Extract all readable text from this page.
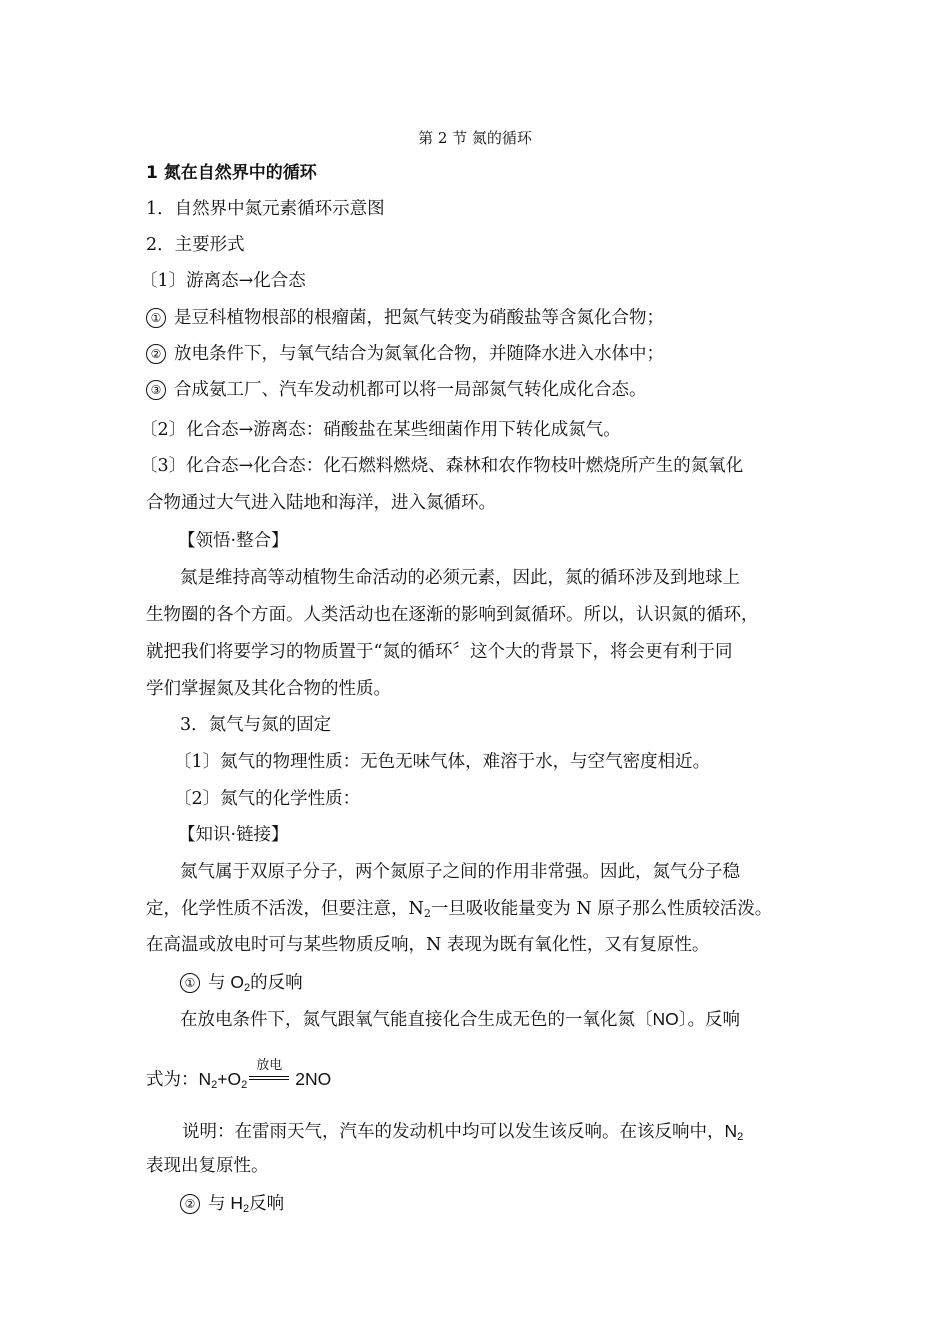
第 2 节 氮的循环
1 氮在自然界中的循环
1．自然界中氮元素循环示意图
2．主要形式
〔1〕游离态→化合态
① 是豆科植物根部的根瘤菌，把氮气转变为硝酸盐等含氮化合物；
② 放电条件下，与氧气结合为氮氧化合物，并随降水进入水体中；
③ 合成氨工厂、汽车发动机都可以将一局部氮气转化成化合态。
〔2〕化合态→游离态：硝酸盐在某些细菌作用下转化成氮气。
〔3〕化合态→化合态：化石燃料燃烧、森林和农作物枝叶燃烧所产生的氮氧化
合物通过大气进入陆地和海洋，进入氮循环。
【领悟·整合】
氮是维持高等动植物生命活动的必须元素，因此，氮的循环涉及到地球上
生物圈的各个方面。人类活动也在逐渐的影响到氮循环。所以，认识氮的循环，
就把我们将要学习的物质置于“氮的循环〞这个大的背景下，将会更有利于同
学们掌握氮及其化合物的性质。
3．氮气与氮的固定
〔1〕氮气的物理性质：无色无味气体，难溶于水，与空气密度相近。
〔2〕氮气的化学性质：
【知识·链接】
氮气属于双原子分子，两个氮原子之间的作用非常强。因此，氮气分子稳
定，化学性质不活泼，但要注意，$N_2$一旦吸收能量变为 N 原子那么性质较活泼。
在高温或放电时可与某些物质反响，N 表现为既有氧化性，又有复原性。
① 与 $O_2$的反响
在放电条件下，氮气跟氧气能直接化合生成无色的一氧化氮〔NO〕。反响
式为：$N_2+O_2$
放电
2NO
说明：在雷雨天气，汽车的发动机中均可以发生该反响。在该反响中，$N_2$
表现出复原性。
② 与 $H_2$反响
